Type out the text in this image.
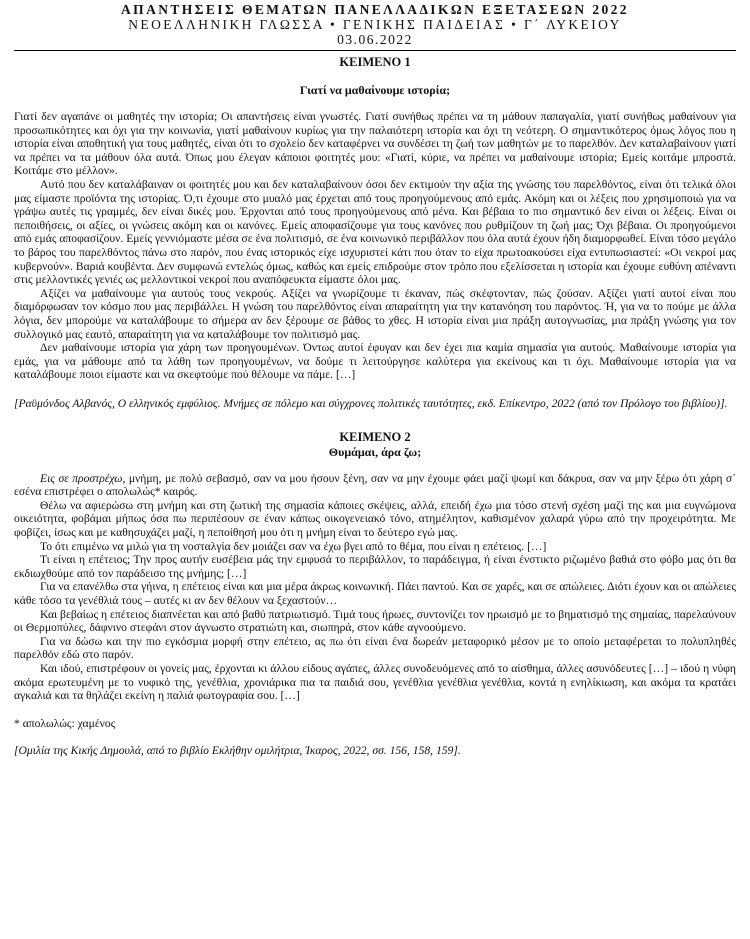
ΑΠΑΝΤΗΣΕΙΣ ΘΕΜΑΤΩΝ ΠΑΝΕΛΛΑΔΙΚΩΝ ΕΞΕΤΑΣΕΩΝ 2022
ΝΕΟΕΛΛΗΝΙΚΗ ΓΛΩΣΣΑ • ΓΕΝΙΚΗΣ ΠΑΙΔΕΙΑΣ • Γ΄ ΛΥΚΕΙΟΥ
03.06.2022
ΚΕΙΜΕΝΟ 1
Γιατί να μαθαίνουμε ιστορία;

Γιατί δεν αγαπάνε οι μαθητές την ιστορία; Οι απαντήσεις είναι γνωστές. Γιατί συνήθως πρέπει να τη μάθουν παπαγαλία, γιατί συνήθως μαθαίνουν για προσωπικότητες και όχι για την κοινωνία, γιατί μαθαίνουν κυρίως για την παλαιότερη ιστορία και όχι τη νεότερη. Ο σημαντικότερος όμως λόγος που η ιστορία είναι αποθητική για τους μαθητές, είναι ότι το σχολείο δεν καταφέρνει να συνδέσει τη ζωή των μαθητών με το παρελθόν. Δεν καταλαβαίνουν γιατί να πρέπει να τα μάθουν όλα αυτά. Όπως μου έλεγαν κάποιοι φοιτητές μου: «Γιατί, κύριε, να πρέπει να μαθαίνουμε ιστορία; Εμείς κοιτάμε μπροστά. Κοιτάμε στο μέλλον».

Αυτό που δεν καταλάβαιναν οι φοιτητές μου και δεν καταλαβαίνουν όσοι δεν εκτιμούν την αξία της γνώσης του παρελθόντος, είναι ότι τελικά όλοι μας είμαστε προϊόντα της ιστορίας. Ό,τι έχουμε στο μυαλό μας έρχεται από τους προηγούμενους από εμάς. Ακόμη και οι λέξεις που χρησιμοποιώ για να γράψω αυτές τις γραμμές, δεν είναι δικές μου. Έρχονται από τους προηγούμενους από μένα. Και βέβαια το πιο σημαντικό δεν είναι οι λέξεις. Είναι οι πεποιθήσεις, οι αξίες, οι γνώσεις ακόμη και οι κανόνες. Εμείς αποφασίζουμε για τους κανόνες που ρυθμίζουν τη ζωή μας; Όχι βέβαια. Οι προηγούμενοι από εμάς αποφασίζουν. Εμείς γεννιόμαστε μέσα σε ένα πολιτισμό, σε ένα κοινωνικό περιβάλλον που όλα αυτά έχουν ήδη διαμορφωθεί. Είναι τόσο μεγάλο το βάρος του παρελθόντος πάνω στο παρόν, που ένας ιστορικός είχε ισχυριστεί κάτι που όταν το είχα πρωτοακούσει είχα εντυπωσιαστεί: «Οι νεκροί μας κυβερνούν». Βαριά κουβέντα. Δεν συμφωνώ εντελώς όμως, καθώς και εμείς επιδρούμε στον τρόπο που εξελίσσεται η ιστορία και έχουμε ευθύνη απέναντι στις μελλοντικές γενιές ως μελλοντικοί νεκροί που αναπόφευκτα είμαστε όλοι μας.

Αξίζει να μαθαίνουμε για αυτούς τους νεκρούς. Αξίζει να γνωρίζουμε τι έκαναν, πώς σκέφτονταν, πώς ζούσαν. Αξίζει γιατί αυτοί είναι που διαμόρφωσαν τον κόσμο που μας περιβάλλει. Η γνώση του παρελθόντος είναι απαραίτητη για την κατανόηση του παρόντος. Ή, για να το πούμε με άλλα λόγια, δεν μπορούμε να καταλάβουμε το σήμερα αν δεν ξέρουμε σε βάθος το χθες. Η ιστορία είναι μια πράξη αυτογνωσίας, μια πράξη γνώσης για τον συλλογικό μας εαυτό, απαραίτητη για να καταλάβουμε τον πολιτισμό μας.

Δεν μαθαίνουμε ιστορία για χάρη των προηγουμένων. Όντως αυτοί έφυγαν και δεν έχει πια καμία σημασία για αυτούς. Μαθαίνουμε ιστορία για εμάς, για να μάθουμε από τα λάθη των προηγουμένων, να δούμε τι λειτούργησε καλύτερα για εκείνους και τι όχι. Μαθαίνουμε ιστορία για να καταλάβουμε ποιοι είμαστε και να σκεφτούμε πού θέλουμε να πάμε. […]

[Ραϋμόνδος Αλβανός, Ο ελληνικός εμφύλιος. Μνήμες σε πόλεμο και σύγχρονες πολιτικές ταυτότητες, εκδ. Επίκεντρο, 2022 (από τον Πρόλογο του βιβλίου)].

ΚΕΙΜΕΝΟ 2
Θυμάμαι, άρα ζω;

Εις σε προστρέχω, μνήμη, με πολύ σεβασμό, σαν να μου ήσουν ξένη, σαν να μην έχουμε φάει μαζί ψωμί και δάκρυα, σαν να μην ξέρω ότι χάρη σ᾽ εσένα επιστρέφει ο απολωλώς* καιρός.

Θέλω να αφιερώσω στη μνήμη και στη ζωτική της σημασία κάποιες σκέψεις, αλλά, επειδή έχω μια τόσο στενή σχέση μαζί της και μια ευγνώμονα οικειότητα, φοβάμαι μήπως όσα πω περιπέσουν σε έναν κάπως οικογενειακό τόνο, ατημέλητον, καθισμένον χαλαρά γύρω από την προχειρότητα. Με φοβίζει, ίσως και με καθησυχάζει μαζί, η πεποίθησή μου ότι η μνήμη είναι το δεύτερο εγώ μας.

Το ότι επιμένω να μιλώ για τη νοσταλγία δεν μοιάζει σαν να έχω βγει από το θέμα, που είναι η επέτειος. […]

Τι είναι η επέτειος; Την προς αυτήν ευσέβεια μάς την εμφυσά το περιβάλλον, το παράδειγμα, ή είναι ένστικτο ριζωμένο βαθιά στο φόβο μας ότι θα εκδιωχθούμε από τον παράδεισο της μνήμης; […]

Για να επανέλθω στα γήινα, η επέτειος είναι και μια μέρα άκρως κοινωνική. Πάει παντού. Και σε χαρές, και σε απώλειες. Διότι έχουν και οι απώλειες κάθε τόσο τα γενέθλιά τους – αυτές κι αν δεν θέλουν να ξεχαστούν…

Και βεβαίως η επέτειος διαπνέεται και από βαθύ πατριωτισμό. Τιμά τους ήρωες, συντονίζει τον ηρωισμό με το βηματισμό της σημαίας, παρελαύνουν οι Θερμοπύλες, δάφνινο στεφάνι στον άγνωστο στρατιώτη και, σιωπηρά, στον κάθε αγνοούμενο.

Για να δώσω και την πιο εγκόσμια μορφή στην επέτειο, ας πω ότι είναι ένα δωρεάν μεταφορικό μέσον με το οποίο μεταφέρεται το πολυπληθές παρελθόν εδώ στο παρόν.

Και ιδού, επιστρέφουν οι γονείς μας, έρχονται κι άλλου είδους αγάπες, άλλες συνοδευόμενες από το αίσθημα, άλλες ασυνόδευτες […] – ιδού η νύφη ακόμα ερωτευμένη με το νυφικό της, γενέθλια, χρονιάρικα πια τα παιδιά σου, γενέθλια γενέθλια γενέθλια, κοντά η ενηλίκιωση, και ακόμα τα κρατάει αγκαλιά και τα θηλάζει εκείνη η παλιά φωτογραφία σου. […]

* απολωλώς: χαμένος

[Ομιλία της Κικής Δημουλά, από το βιβλίο Εκλήθην ομιλήτρια, Ίκαρος, 2022, σσ. 156, 158, 159].
